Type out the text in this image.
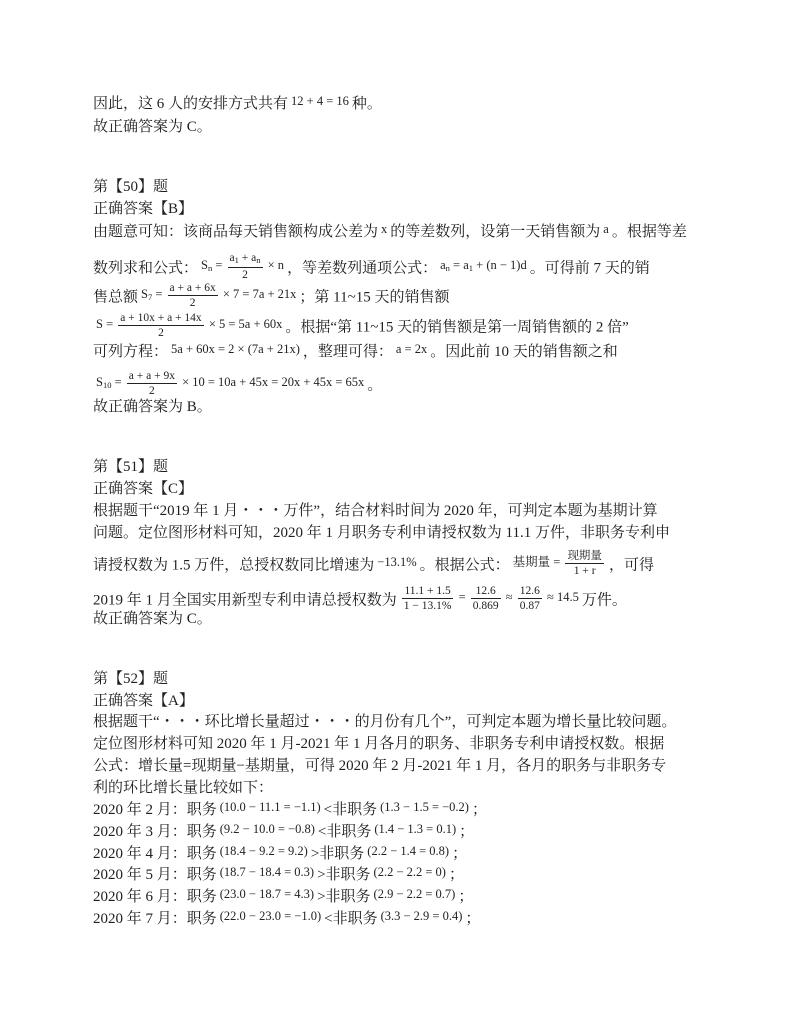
因此，这 6 人的安排方式共有 $^{12 + 4 = 16}$ 种。
故正确答案为 C。
第【50】题
正确答案【B】
由题意可知：该商品每天销售额构成公差为 $^x$ 的等差数列，设第一天销售额为 $^a$ 。根据等差
数列求和公式： $^{S_n = \frac{a_1 + a_n}{2} \times n}$ ，等差数列通项公式： $^{a_n = a_1 + (n - 1)d}$ 。可得前 7 天的销
售总额 $^{S_7 = \frac{a + a + 6x}{2} \times 7 = 7a + 21x}$ ；第 11~15 天的销售额
$^{S = \frac{a + 10x + a + 14x}{2} \times 5 = 5a + 60x}$ 。根据“第 11~15 天的销售额是第一周销售额的 2 倍”
可列方程： $^{5a + 60x = 2 \times (7a + 21x)}$ ，整理可得： $^{a = 2x}$ 。因此前 10 天的销售额之和
$^{S_{10} = \frac{a + a + 9x}{2} \times 10 = 10a + 45x = 20x + 45x = 65x}$ 。
故正确答案为 B。
第【51】题
正确答案【C】
根据题干“2019 年 1 月・・・万件”，结合材料时间为 2020 年，可判定本题为基期计算
问题。定位图形材料可知，2020 年 1 月职务专利申请授权数为 11.1 万件，非职务专利申
请授权数为 1.5 万件，总授权数同比增速为 $^{-13.1\%}$ 。根据公式： $^{基期量 = \frac{\text{现期量}}{1 + r}}$ ，可得
2019 年 1 月全国实用新型专利申请总授权数为 $^{\frac{11.1 + 1.5}{1 - 13.1\%} = \frac{12.6}{0.869} \approx \frac{12.6}{0.87} \approx 14.5}$ 万件。
故正确答案为 C。
第【52】题
正确答案【A】
根据题干“・・・环比增长量超过・・・的月份有几个”，可判定本题为增长量比较问题。
定位图形材料可知 2020 年 1 月-2021 年 1 月各月的职务、非职务专利申请授权数。根据
公式：增长量=现期量−基期量，可得 2020 年 2 月-2021 年 1 月，各月的职务与非职务专
利的环比增长量比较如下：
2020 年 2 月：职务 $^{(10.0 - 11.1 = -1.1)}$ <非职务 $^{(1.3 - 1.5 = -0.2)}$ ；
2020 年 3 月：职务 $^{(9.2 - 10.0 = -0.8)}$ <非职务 $^{(1.4 - 1.3 = 0.1)}$ ；
2020 年 4 月：职务 $^{(18.4 - 9.2 = 9.2)}$ >非职务 $^{(2.2 - 1.4 = 0.8)}$ ；
2020 年 5 月：职务 $^{(18.7 - 18.4 = 0.3)}$ >非职务 $^{(2.2 - 2.2 = 0)}$ ；
2020 年 6 月：职务 $^{(23.0 - 18.7 = 4.3)}$ >非职务 $^{(2.9 - 2.2 = 0.7)}$ ；
2020 年 7 月：职务 $^{(22.0 - 23.0 = -1.0)}$ <非职务 $^{(3.3 - 2.9 = 0.4)}$ ；
